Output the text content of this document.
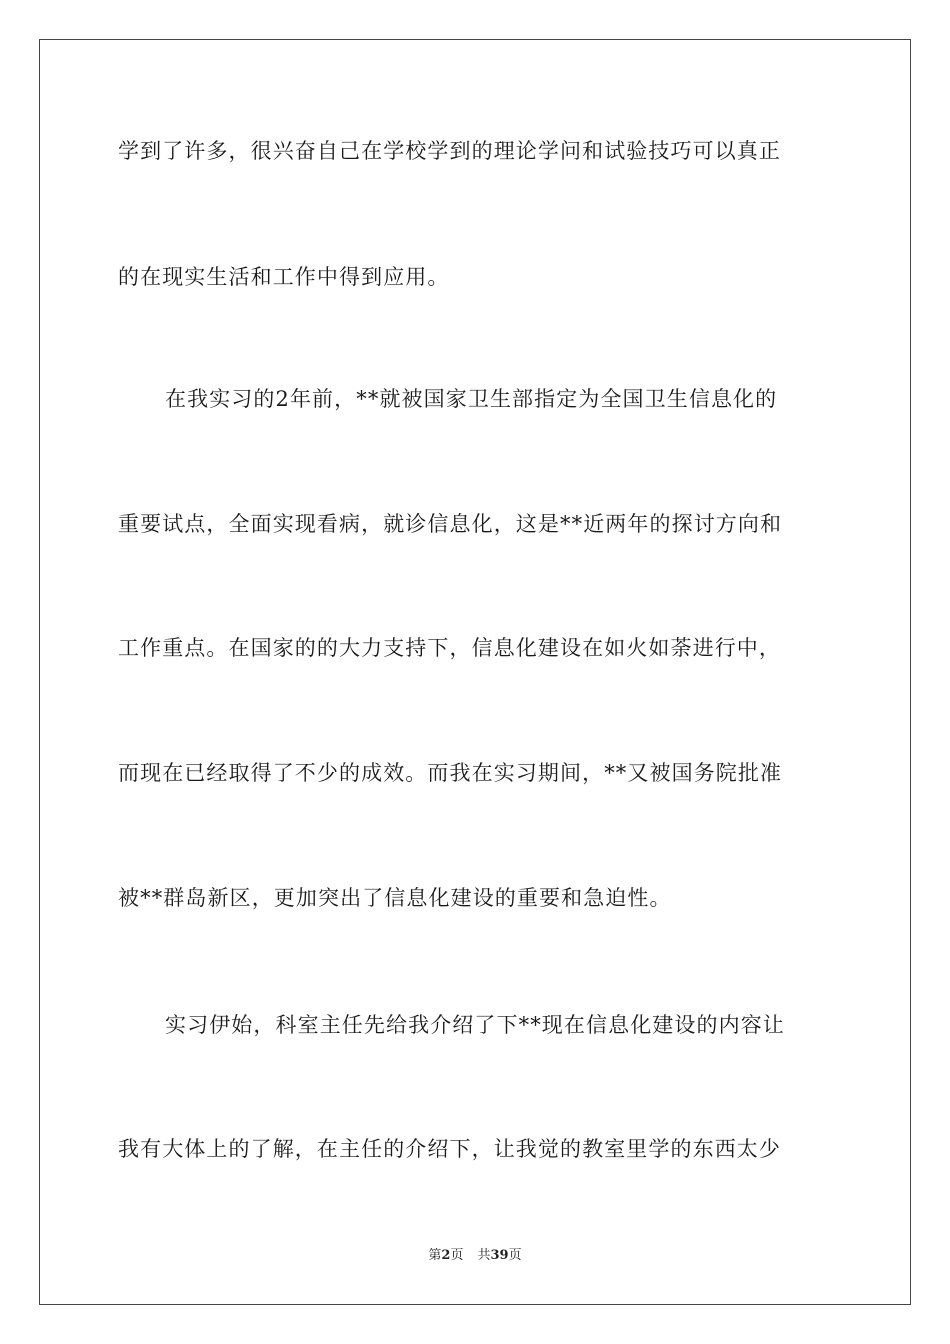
学到了许多，很兴奋自己在学校学到的理论学问和试验技巧可以真正
的在现实生活和工作中得到应用。
在我实习的2年前，**就被国家卫生部指定为全国卫生信息化的
重要试点，全面实现看病，就诊信息化，这是**近两年的探讨方向和
工作重点。在国家的的大力支持下，信息化建设在如火如荼进行中，
而现在已经取得了不少的成效。而我在实习期间，**又被国务院批准
被**群岛新区，更加突出了信息化建设的重要和急迫性。
实习伊始，科室主任先给我介绍了下**现在信息化建设的内容让
我有大体上的了解，在主任的介绍下，让我觉的教室里学的东西太少
第2页 共39页
